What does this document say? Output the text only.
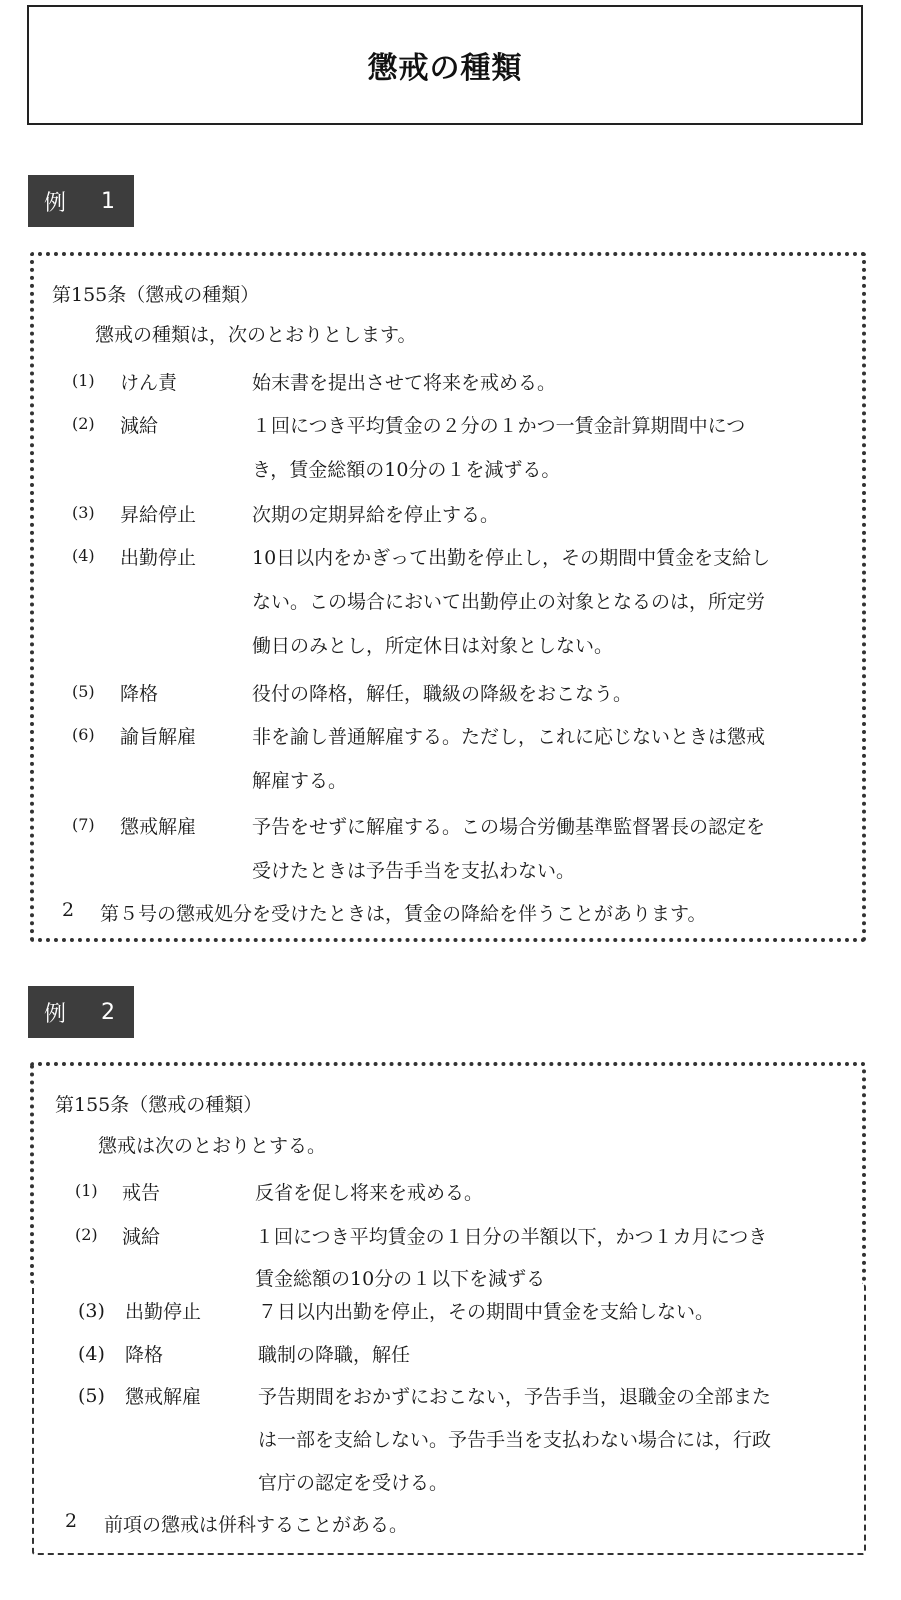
懲戒の種類
例 1
第155条（懲戒の種類）
懲戒の種類は，次のとおりとします。
(1) けん責	始末書を提出させて将来を戒める。
(2) 減給	１回につき平均賃金の２分の１かつ一賃金計算期間中につ
き，賃金総額の10分の１を減ずる。
(3) 昇給停止	次期の定期昇給を停止する。
(4) 出勤停止	10日以内をかぎって出勤を停止し，その期間中賃金を支給し
ない。この場合において出勤停止の対象となるのは，所定労
働日のみとし，所定休日は対象としない。
(5) 降格	役付の降格，解任，職級の降級をおこなう。
(6) 諭旨解雇	非を諭し普通解雇する。ただし，これに応じないときは懲戒
解雇する。
(7) 懲戒解雇	予告をせずに解雇する。この場合労働基準監督署長の認定を
受けたときは予告手当を支払わない。
2 第５号の懲戒処分を受けたときは，賃金の降給を伴うことがあります。
例 2
第155条（懲戒の種類）
懲戒は次のとおりとする。
(1) 戒告	反省を促し将来を戒める。
(2) 減給	１回につき平均賃金の１日分の半額以下，かつ１カ月につき
賃金総額の10分の１以下を減ずる
(3) 出勤停止	７日以内出勤を停止，その期間中賃金を支給しない。
(4) 降格	職制の降職，解任
(5) 懲戒解雇	予告期間をおかずにおこない，予告手当，退職金の全部また
は一部を支給しない。予告手当を支払わない場合には，行政
官庁の認定を受ける。
2 前項の懲戒は併科することがある。
